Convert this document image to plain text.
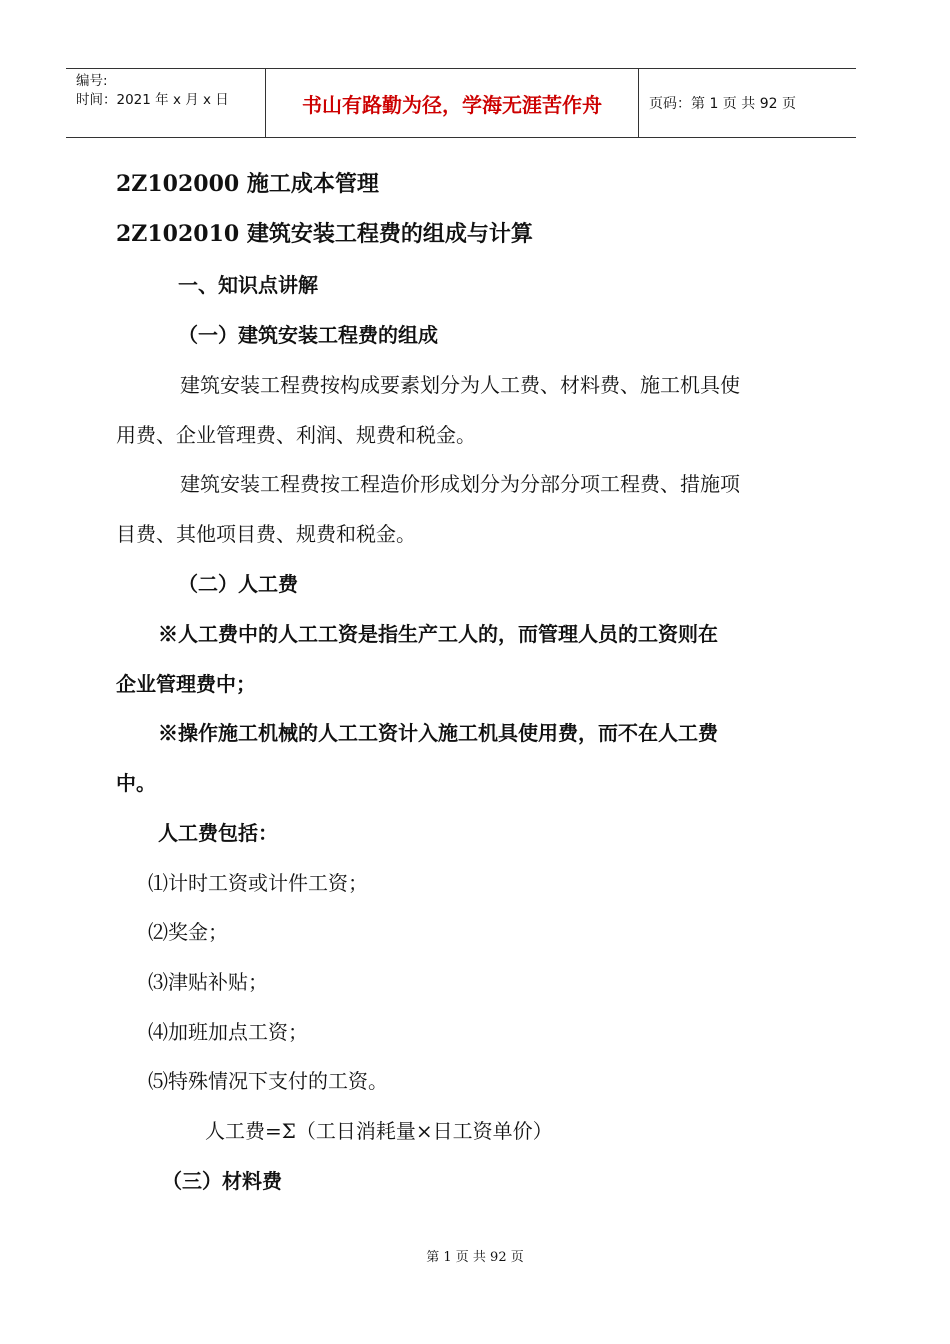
编号:
时间：2021 年 x 月 x 日	书山有路勤为径，学海无涯苦作舟	页码：第 1 页 共 92 页
2Z102000 施工成本管理
2Z102010 建筑安装工程费的组成与计算
一、知识点讲解
（一）建筑安装工程费的组成
建筑安装工程费按构成要素划分为人工费、材料费、施工机具使
用费、企业管理费、利润、规费和税金。
建筑安装工程费按工程造价形成划分为分部分项工程费、措施项
目费、其他项目费、规费和税金。
（二）人工费
※人工费中的人工工资是指生产工人的，而管理人员的工资则在
企业管理费中；
※操作施工机械的人工工资计入施工机具使用费，而不在人工费
中。
人工费包括：
⑴计时工资或计件工资；
⑵奖金；
⑶津贴补贴；
⑷加班加点工资；
⑸特殊情况下支付的工资。
人工费=Σ（工日消耗量×日工资单价）
（三）材料费
第 1 页 共 92 页
